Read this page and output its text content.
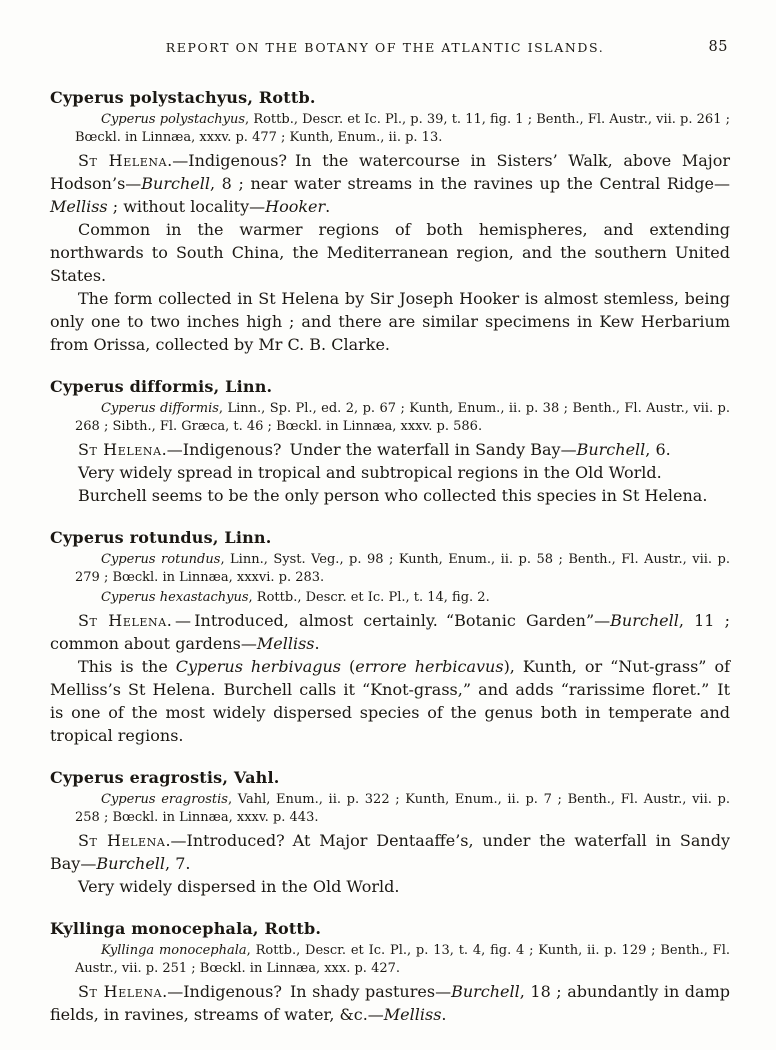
REPORT ON THE BOTANY OF THE ATLANTIC ISLANDS.	85
Cyperus polystachyus, Rottb.

Cyperus polystachyus, Rottb., Descr. et Ic. Pl., p. 39, t. 11, fig. 1 ; Benth., Fl. Austr., vii. p. 261 ; Bœckl. in Linnæa, xxxv. p. 477 ; Kunth, Enum., ii. p. 13.

St Helena.—Indigenous? In the watercourse in Sisters’ Walk, above Major Hodson’s—Burchell, 8 ; near water streams in the ravines up the Central Ridge—Melliss ; without locality—Hooker.

Common in the warmer regions of both hemispheres, and extending northwards to South China, the Mediterranean region, and the southern United States.

The form collected in St Helena by Sir Joseph Hooker is almost stemless, being only one to two inches high ; and there are similar specimens in Kew Herbarium from Orissa, collected by Mr C. B. Clarke.

Cyperus difformis, Linn.

Cyperus difformis, Linn., Sp. Pl., ed. 2, p. 67 ; Kunth, Enum., ii. p. 38 ; Benth., Fl. Austr., vii. p. 268 ; Sibth., Fl. Græca, t. 46 ; Bœckl. in Linnæa, xxxv. p. 586.

St Helena.—Indigenous? Under the waterfall in Sandy Bay—Burchell, 6.

Very widely spread in tropical and subtropical regions in the Old World.

Burchell seems to be the only person who collected this species in St Helena.

Cyperus rotundus, Linn.

Cyperus rotundus, Linn., Syst. Veg., p. 98 ; Kunth, Enum., ii. p. 58 ; Benth., Fl. Austr., vii. p. 279 ; Bœckl. in Linnæa, xxxvi. p. 283.

Cyperus hexastachyus, Rottb., Descr. et Ic. Pl., t. 14, fig. 2.

St Helena. — Introduced, almost certainly. “Botanic Garden”—Burchell, 11 ; common about gardens—Melliss.

This is the Cyperus herbivagus (errore herbicavus), Kunth, or “Nut-grass” of Melliss’s St Helena. Burchell calls it “Knot-grass,” and adds “rarissime floret.” It is one of the most widely dispersed species of the genus both in temperate and tropical regions.

Cyperus eragrostis, Vahl.

Cyperus eragrostis, Vahl, Enum., ii. p. 322 ; Kunth, Enum., ii. p. 7 ; Benth., Fl. Austr., vii. p. 258 ; Bœckl. in Linnæa, xxxv. p. 443.

St Helena.—Introduced? At Major Dentaaffe’s, under the waterfall in Sandy Bay—Burchell, 7.

Very widely dispersed in the Old World.

Kyllinga monocephala, Rottb.

Kyllinga monocephala, Rottb., Descr. et Ic. Pl., p. 13, t. 4, fig. 4 ; Kunth, ii. p. 129 ; Benth., Fl. Austr., vii. p. 251 ; Bœckl. in Linnæa, xxx. p. 427.

St Helena.—Indigenous? In shady pastures—Burchell, 18 ; abundantly in damp fields, in ravines, streams of water, &c.—Melliss.
